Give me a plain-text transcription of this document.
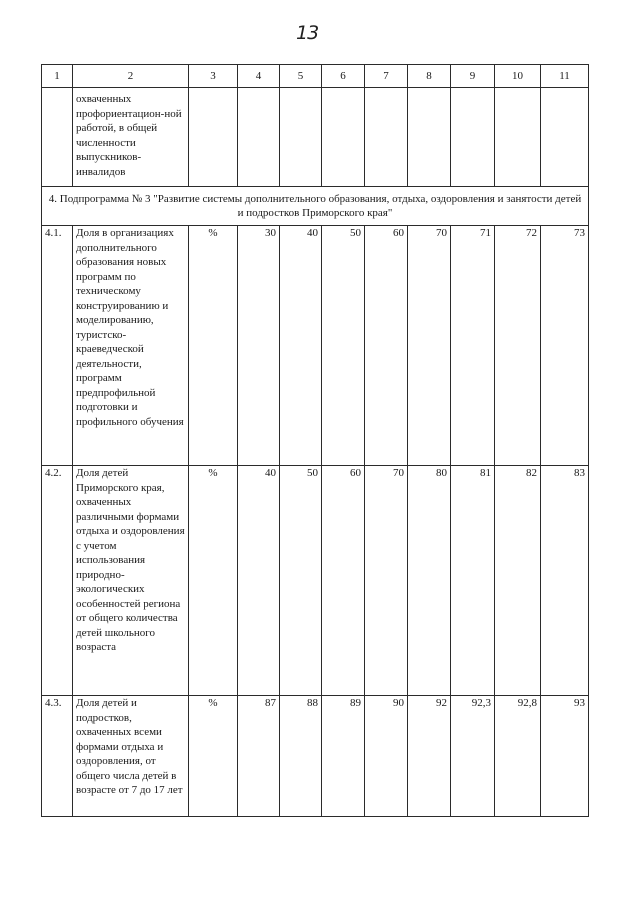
13
1	2	3	4	5	6	7	8	9	10	11
	охваченных профориентацион-ной работой, в общей численности выпускников-инвалидов									
4. Подпрограмма № 3 "Развитие системы дополнительного образования, отдыха, оздоровления и занятости детей и подростков Приморского края"										
4.1.	Доля в организациях дополнительного образования новых программ по техническому конструированию и моделированию, туристско-краеведческой деятельности, программ предпрофильной подготовки и профильного обучения	%	30	40	50	60	70	71	72	73
4.2.	Доля детей Приморского края, охваченных различными формами отдыха и оздоровления с учетом использования природно-экологических особенностей региона от общего количества детей школьного возраста	%	40	50	60	70	80	81	82	83
4.3.	Доля детей и подростков, охваченных всеми формами отдыха и оздоровления, от общего числа детей в возрасте от 7 до 17 лет	%	87	88	89	90	92	92,3	92,8	93
